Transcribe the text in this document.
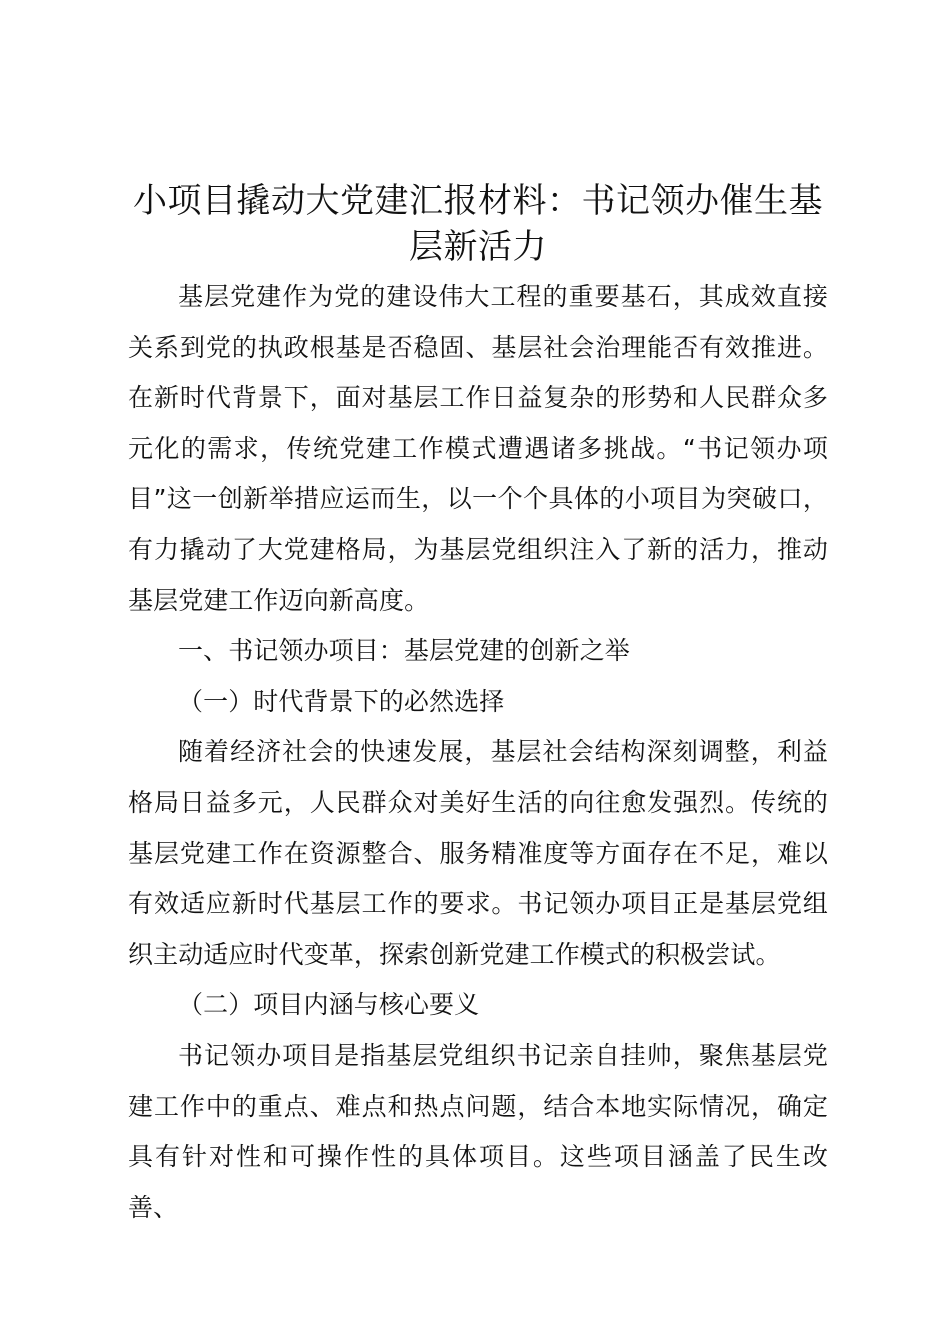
小项目撬动大党建汇报材料：书记领办催生基层新活力

基层党建作为党的建设伟大工程的重要基石，其成效直接关系到党的执政根基是否稳固、基层社会治理能否有效推进。在新时代背景下，面对基层工作日益复杂的形势和人民群众多元化的需求，传统党建工作模式遭遇诸多挑战。“书记领办项目”这一创新举措应运而生，以一个个具体的小项目为突破口，有力撬动了大党建格局，为基层党组织注入了新的活力，推动基层党建工作迈向新高度。

一、书记领办项目：基层党建的创新之举

（一）时代背景下的必然选择

随着经济社会的快速发展，基层社会结构深刻调整，利益格局日益多元，人民群众对美好生活的向往愈发强烈。传统的基层党建工作在资源整合、服务精准度等方面存在不足，难以有效适应新时代基层工作的要求。书记领办项目正是基层党组织主动适应时代变革，探索创新党建工作模式的积极尝试。

（二）项目内涵与核心要义

书记领办项目是指基层党组织书记亲自挂帅，聚焦基层党建工作中的重点、难点和热点问题，结合本地实际情况，确定具有针对性和可操作性的具体项目。这些项目涵盖了民生改善、
